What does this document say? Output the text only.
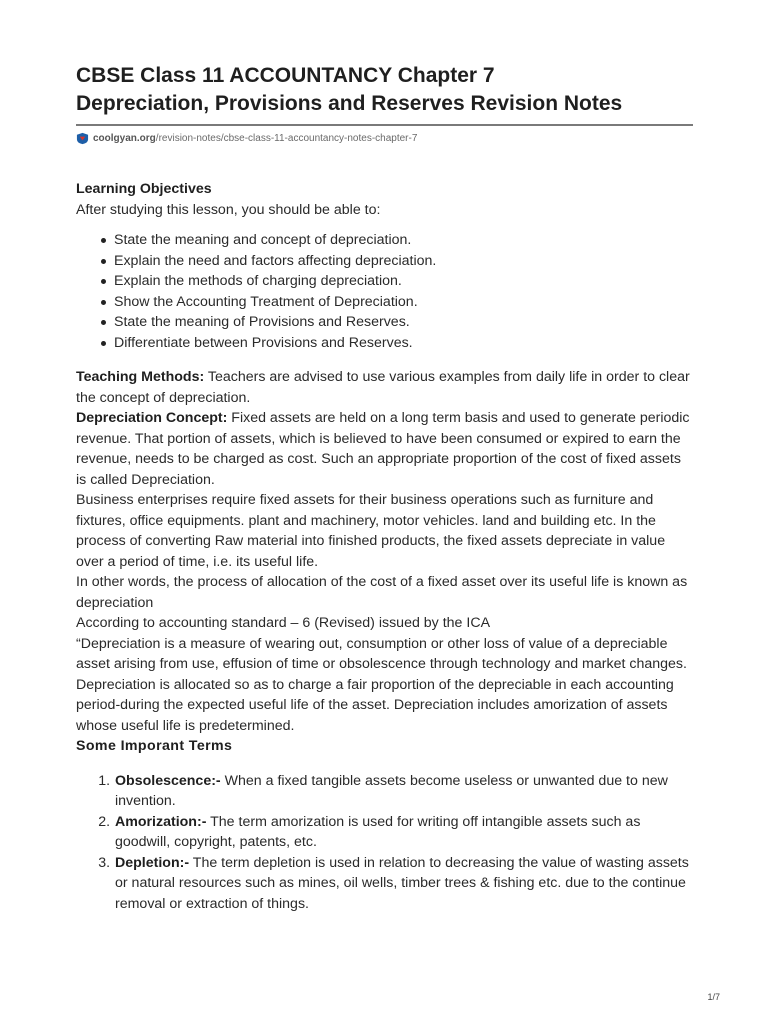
CBSE Class 11 ACCOUNTANCY Chapter 7
Depreciation, Provisions and Reserves Revision Notes
coolgyan.org /revision-notes/cbse-class-11-accountancy-notes-chapter-7
Learning Objectives
After studying this lesson, you should be able to:
State the meaning and concept of depreciation.
Explain the need and factors affecting depreciation.
Explain the methods of charging depreciation.
Show the Accounting Treatment of Depreciation.
State the meaning of Provisions and Reserves.
Differentiate between Provisions and Reserves.

Teaching Methods: Teachers are advised to use various examples from daily life in order to clear the concept of depreciation.

Depreciation Concept: Fixed assets are held on a long term basis and used to generate periodic revenue. That portion of assets, which is believed to have been consumed or expired to earn the revenue, needs to be charged as cost. Such an appropriate proportion of the cost of fixed assets is called Depreciation.

Business enterprises require fixed assets for their business operations such as furniture and fixtures, office equipments. plant and machinery, motor vehicles. land and building etc. In the process of converting Raw material into finished products, the fixed assets depreciate in value over a period of time, i.e. its useful life.

In other words, the process of allocation of the cost of a fixed asset over its useful life is known as depreciation

According to accounting standard – 6 (Revised) issued by the ICA

“Depreciation is a measure of wearing out, consumption or other loss of value of a depreciable asset arising from use, effusion of time or obsolescence through technology and market changes.

Depreciation is allocated so as to charge a fair proportion of the depreciable in each accounting period-during the expected useful life of the asset. Depreciation includes amorization of assets whose useful life is predetermined.

Some Imporant Terms

1. Obsolescence:- When a fixed tangible assets become useless or unwanted due to new invention.
2. Amorization:- The term amorization is used for writing off intangible assets such as goodwill, copyright, patents, etc.
3. Depletion:- The term depletion is used in relation to decreasing the value of wasting assets or natural resources such as mines, oil wells, timber trees & fishing etc. due to the continue removal or extraction of things.
1/7
